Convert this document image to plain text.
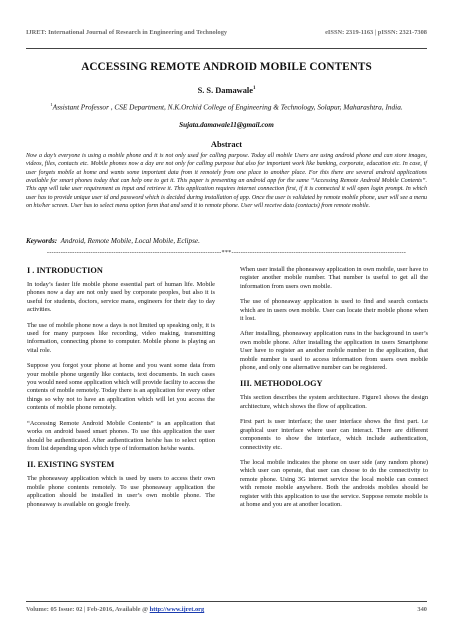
IJRET: International Journal of Research in Engineering and Technology	eISSN: 2319-1163 | pISSN: 2321-7308
ACCESSING REMOTE ANDROID MOBILE CONTENTS
S. S. Damawale$^1$
$^1$Assistant Professor , CSE Department, N.K.Orchid College of Engineering & Technology, Solapur, Maharashtra, India.
Sujata.damawale11@gmail.com
Abstract
Now a day’s everyone is using a mobile phone and it is not only used for calling purpose. Today all mobile Users are using android phone and can store images, videos, files, contacts etc. Mobile phones now a day are not only for calling purpose but also for important work like banking, corporate, education etc. In case, if user forgets mobile at home and wants some important data from it remotely from one place to another place. For this there are several android applications available for smart phones today that can help one to get it. This paper is presenting an android app for the same “Accessing Remote Android Mobile Contents”. This app will take user requirement as input and retrieve it. This application requires internet connection first, if it is connected it will open login prompt. In which user has to provide unique user id and password which is decided during installation of app. Once the user is validated by remote mobile phone, user will see a menu on his/her screen. User has to select menu option form that and send it to remote phone. User will receive data (contacts) from remote mobile.
Keywords: Android, Remote Mobile, Local Mobile, Eclipse.
----------------------------------------------------------------------------***----------------------------------------------------------------------------
I . INTRODUCTION

In today’s faster life mobile phone essential part of human life. Mobile phones now a day are not only used by corporate peoples, but also it is useful for students, doctors, service mans, engineers for their day to day activities.

The use of mobile phone now a days is not limited up speaking only, it is used for many purposes like recording, video making, transmitting information, connecting phone to computer. Mobile phone is playing an vital role.

Suppose you forgot your phone at home and you want some data from your mobile phone urgently like contacts, text documents. In such cases you would need some application which will provide facility to access the contents of mobile remotely. Today there is an application for every other things so why not to have an application which will let you access the contents of mobile phone remotely.

“Accessing Remote Android Mobile Contents” is an application that works on android based smart phones. To use this application the user should be authenticated. After authentication he/she has to select option from list depending upon which type of information he/she wants.

II. EXISTING SYSTEM

The phoneaway application which is used by users to access their own mobile phone contents remotely. To use phoneaway application the application should be installed in user’s own mobile phone. The phoneaway is available on google freely.

When user install the phoneaway application in own mobile, user have to register another mobile number. That number is useful to get all the information from users own mobile.

The use of phoneaway application is used to find and search contacts which are in users own mobile. User can locate their mobile phone when it lost.

After installing, phoneaway application runs in the background in user’s own mobile phone. After installing the application in users Smartphone User have to register an another mobile number in the application, that mobile number is used to access information from users own mobile phone, and only one alternative number can be registered.

III. METHODOLOGY

This section describes the system architecture. Figure1 shows the design architecture, which shows the flow of application.

First part is user interface; the user interface shows the first part. i.e graphical user interface where user can interact. There are different components to show the interface, which include authentication, connectivity etc.

The local mobile indicates the phone on user side (any random phone) which user can operate, that user can choose to do the connectivity to remote phone. Using 3G internet service the local mobile can connect with remote mobile anywhere. Both the androids mobiles should be register with this application to use the service. Suppose remote mobile is at home and you are at another location.

Volume: 05 Issue: 02 | Feb-2016, Available @ http://www.ijret.org	340
